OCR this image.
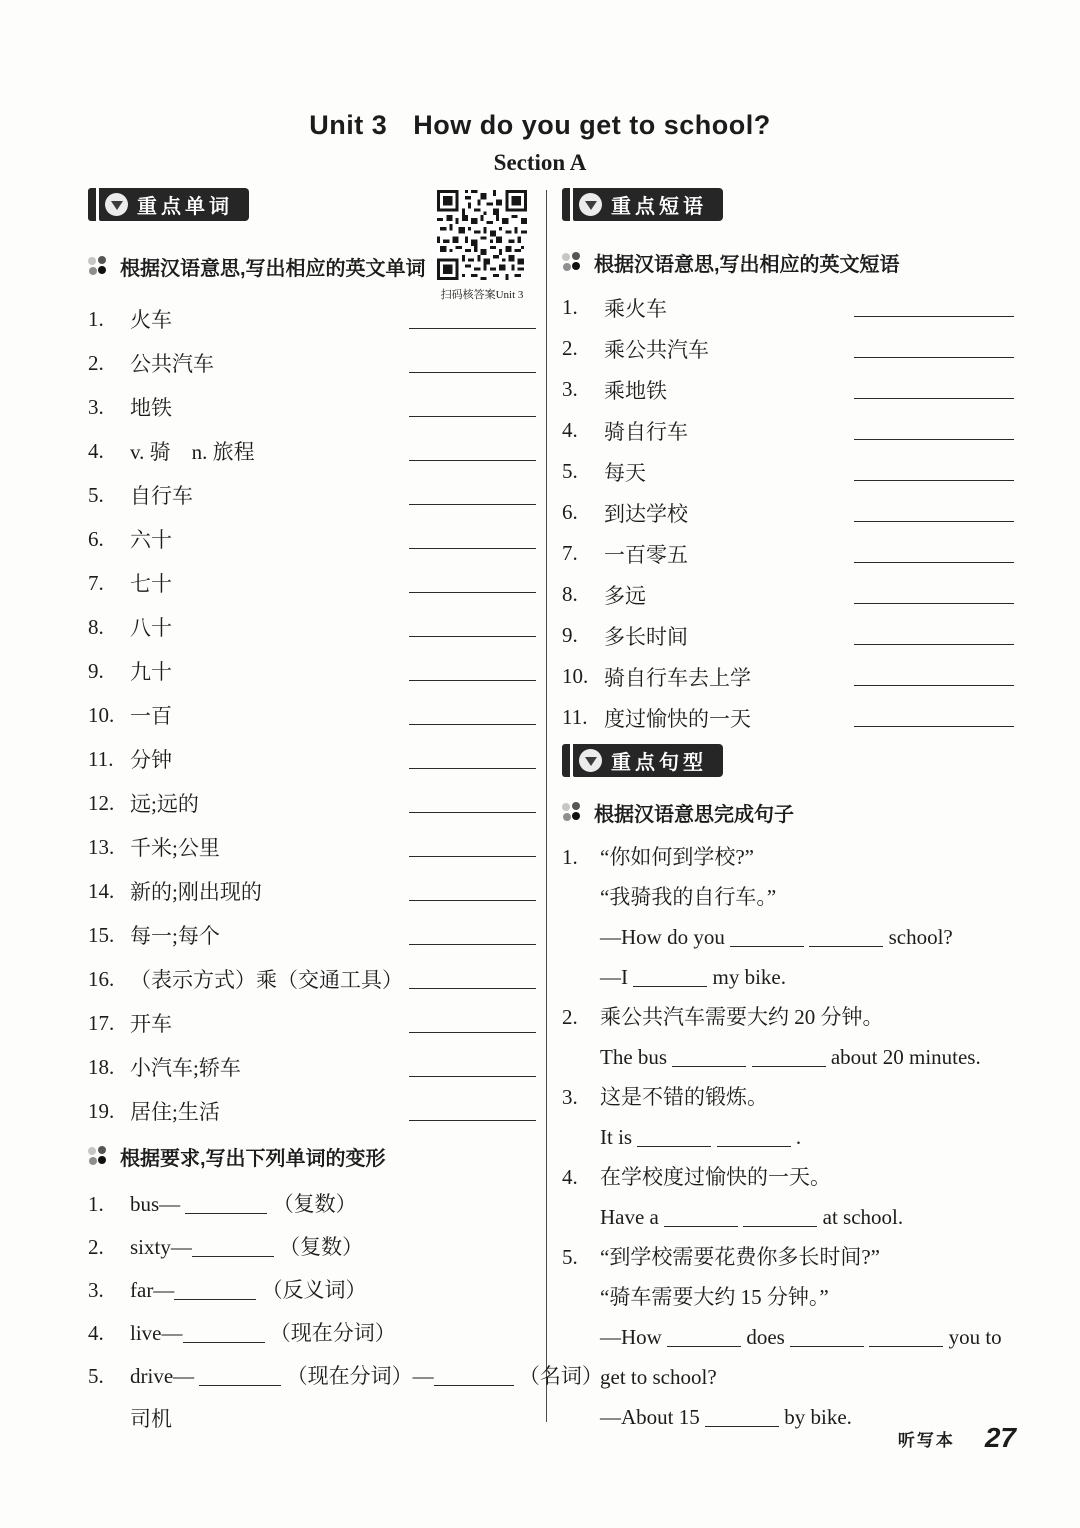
Unit 3 How do you get to school?
Section A
重点单词
扫码核答案Unit 3
根据汉语意思,写出相应的英文单词
1.	火车
2.	公共汽车
3.	地铁
4.	v. 骑　n. 旅程
5.	自行车
6.	六十
7.	七十
8.	八十
9.	九十
10. 一百
11. 分钟
12. 远;远的
13. 千米;公里
14. 新的;刚出现的
15. 每一;每个
16. （表示方式）乘（交通工具）
17. 开车
18. 小汽车;轿车
19. 居住;生活
根据要求,写出下列单词的变形
1.	bus—	（复数）
2.	sixty—	（复数）
3.	far—	（反义词）
4.	live—	（现在分词）
5.	drive—	（现在分词）—	（名词）
司机
重点短语
根据汉语意思,写出相应的英文短语
1.	乘火车
2.	乘公共汽车
3.	乘地铁
4.	骑自行车
5.	每天
6.	到达学校
7.	一百零五
8.	多远
9.	多长时间
10. 骑自行车去上学
11. 度过愉快的一天
重点句型
根据汉语意思完成句子
1.	“你如何到学校?”
“我骑我的自行车。”
—How do you	school?
—I	my bike.
2.	乘公共汽车需要大约 20 分钟。
The bus	about 20 minutes.
3.	这是不错的锻炼。
It is	.
4.	在学校度过愉快的一天。
Have a	at school.
5.	“到学校需要花费你多长时间?”
“骑车需要大约 15 分钟。”
—How	does	you to
get to school?
—About 15	by bike.
听写本 27
